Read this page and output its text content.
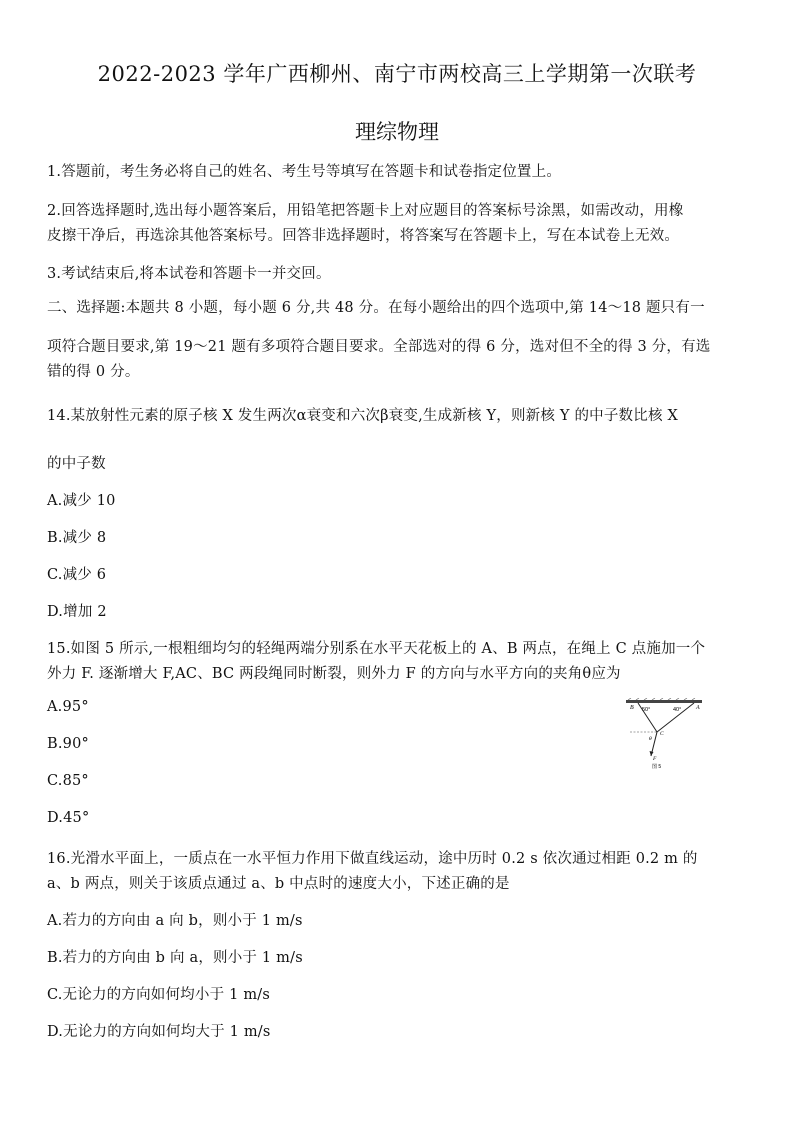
2022-2023 学年广西柳州、南宁市两校高三上学期第一次联考
理综物理
1.答题前，考生务必将自己的姓名、考生号等填写在答题卡和试卷指定位置上。
2.回答选择题时,选出每小题答案后，用铅笔把答题卡上对应题目的答案标号涂黑，如需改动，用橡
皮擦干净后，再选涂其他答案标号。回答非选择题时，将答案写在答题卡上，写在本试卷上无效。
3.考试结束后,将本试卷和答题卡一并交回。
二、选择题:本题共 8 小题，每小题 6 分,共 48 分。在每小题给出的四个选项中,第 14～18 题只有一
项符合题目要求,第 19～21 题有多项符合题目要求。全部选对的得 6 分，选对但不全的得 3 分，有选
错的得 0 分。
14.某放射性元素的原子核 X 发生两次α衰变和六次β衰变,生成新核 Y，则新核 Y 的中子数比核 X
的中子数
A.减少 10
B.减少 8
C.减少 6
D.增加 2
15.如图 5 所示,一根粗细均匀的轻绳两端分别系在水平天花板上的 A、B 两点，在绳上 C 点施加一个
外力 F. 逐渐增大 F,AC、BC 两段绳同时断裂，则外力 F 的方向与水平方向的夹角θ应为
A.95°
B.90°
C.85°
D.45°
B	A
50°	40°
C
θ
F
图 5
16.光滑水平面上，一质点在一水平恒力作用下做直线运动，途中历时 0.2 s 依次通过相距 0.2 m 的
a、b 两点，则关于该质点通过 a、b 中点时的速度大小，下述正确的是
A.若力的方向由 a 向 b，则小于 1 m/s
B.若力的方向由 b 向 a，则小于 1 m/s
C.无论力的方向如何均小于 1 m/s
D.无论力的方向如何均大于 1 m/s
